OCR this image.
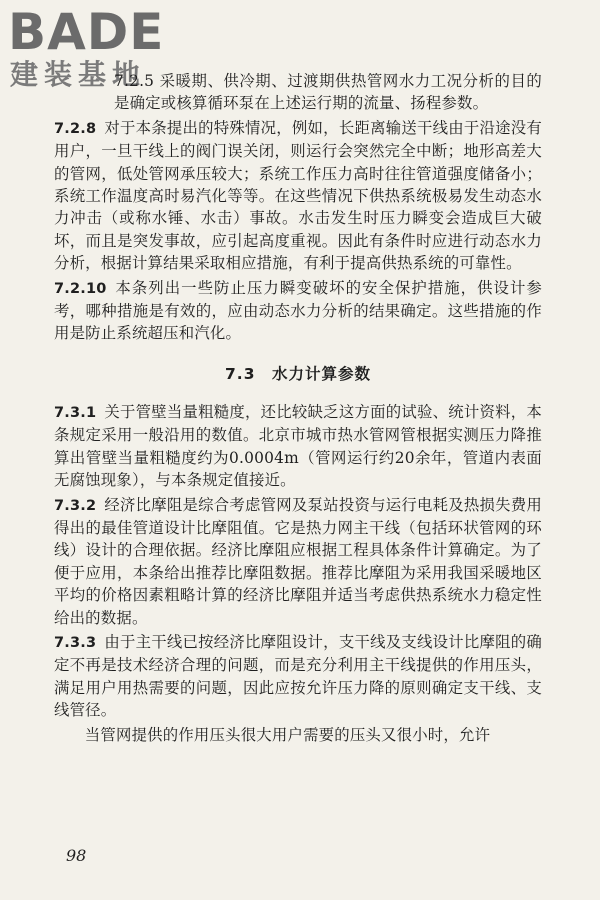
BADE
建装基地

7.2.5 采暖期、供冷期、过渡期供热管网水力工况分析的目的是确定或核算循环泵在上述运行期的流量、扬程参数。

7.2.8 对于本条提出的特殊情况，例如，长距离输送干线由于沿途没有用户，一旦干线上的阀门误关闭，则运行会突然完全中断；地形高差大的管网，低处管网承压较大；系统工作压力高时往往管道强度储备小；系统工作温度高时易汽化等等。在这些情况下供热系统极易发生动态水力冲击（或称水锤、水击）事故。水击发生时压力瞬变会造成巨大破坏，而且是突发事故，应引起高度重视。因此有条件时应进行动态水力分析，根据计算结果采取相应措施，有利于提高供热系统的可靠性。

7.2.10 本条列出一些防止压力瞬变破坏的安全保护措施，供设计参考，哪种措施是有效的，应由动态水力分析的结果确定。这些措施的作用是防止系统超压和汽化。

7.3　水力计算参数

7.3.1 关于管壁当量粗糙度，还比较缺乏这方面的试验、统计资料，本条规定采用一般沿用的数值。北京市城市热水管网管根据实测压力降推算出管壁当量粗糙度约为0.0004m（管网运行约20余年，管道内表面无腐蚀现象），与本条规定值接近。

7.3.2 经济比摩阻是综合考虑管网及泵站投资与运行电耗及热损失费用得出的最佳管道设计比摩阻值。它是热力网主干线（包括环状管网的环线）设计的合理依据。经济比摩阻应根据工程具体条件计算确定。为了便于应用，本条给出推荐比摩阻数据。推荐比摩阻为采用我国采暖地区平均的价格因素粗略计算的经济比摩阻并适当考虑供热系统水力稳定性给出的数据。

7.3.3 由于主干线已按经济比摩阻设计，支干线及支线设计比摩阻的确定不再是技术经济合理的问题，而是充分利用主干线提供的作用压头，满足用户用热需要的问题，因此应按允许压力降的原则确定支干线、支线管径。

当管网提供的作用压头很大用户需要的压头又很小时，允许

98
